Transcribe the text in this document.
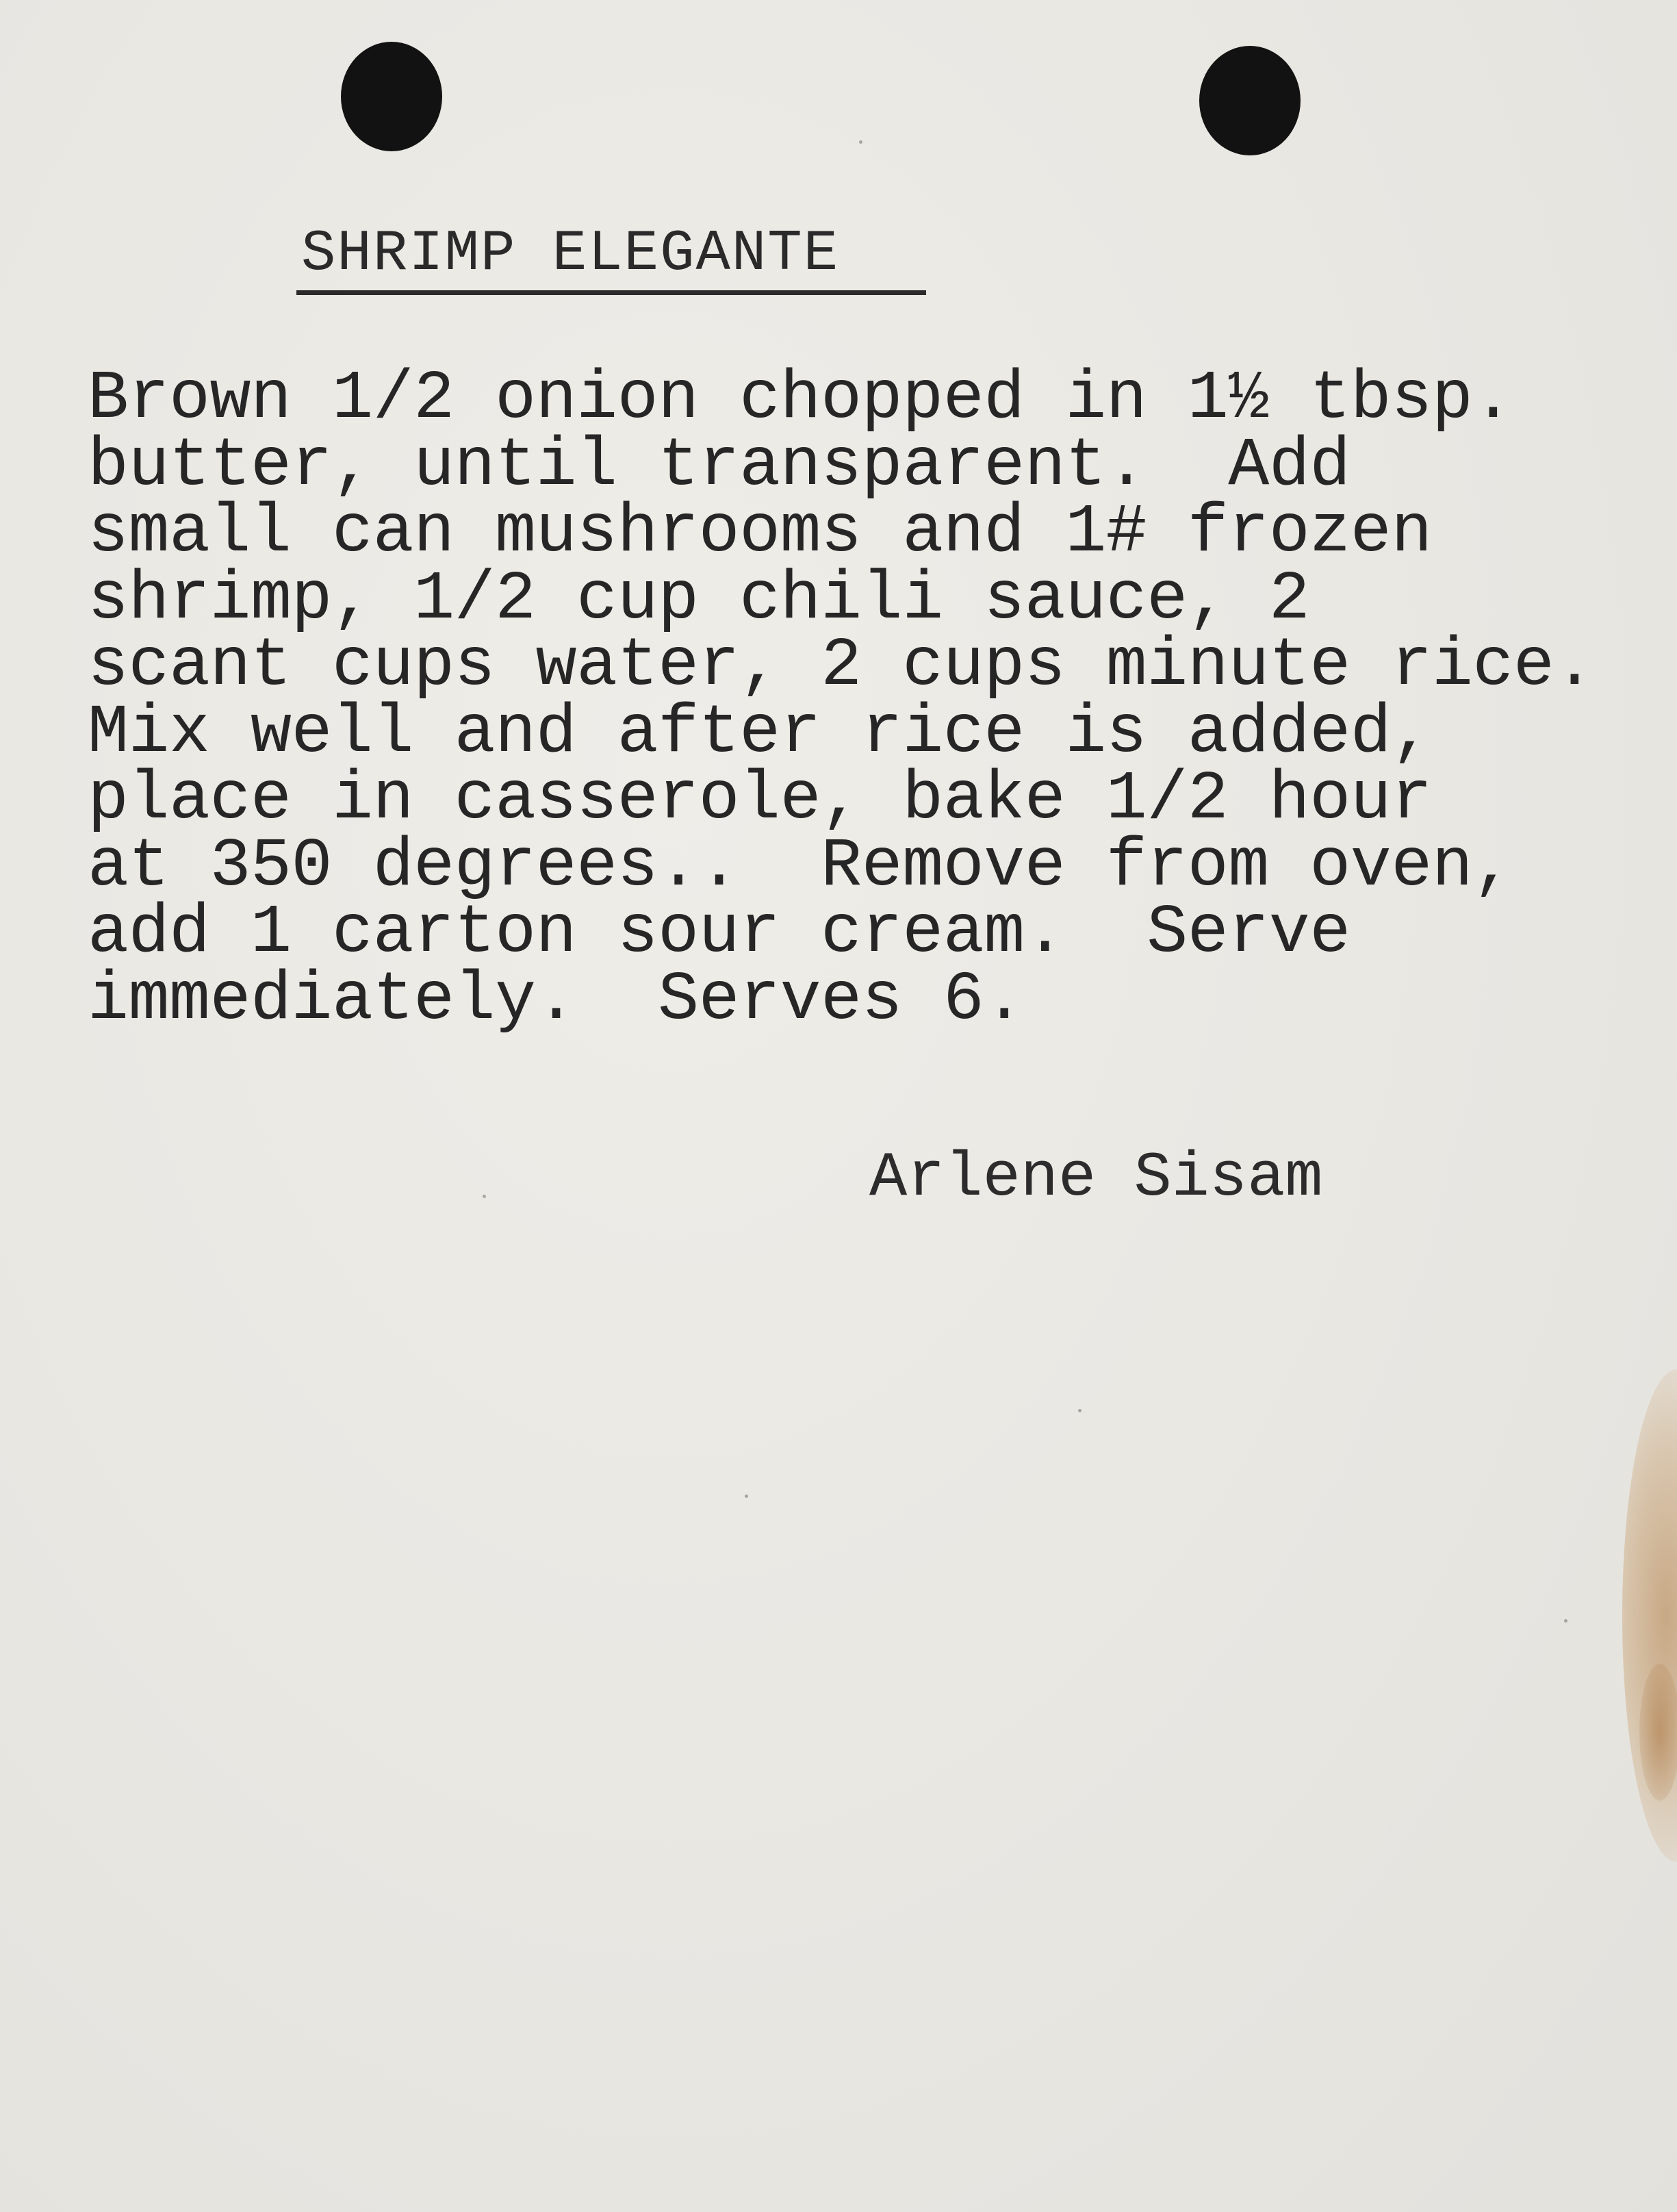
SHRIMP ELEGANTE
Brown 1/2 onion chopped in 1½ tbsp.
butter, until transparent.  Add
small can mushrooms and 1# frozen
shrimp, 1/2 cup chili sauce, 2
scant cups water, 2 cups minute rice.
Mix well and after rice is added,
place in casserole, bake 1/2 hour
at 350 degrees..  Remove from oven,
add 1 carton sour cream.  Serve
immediately.  Serves 6.
Arlene Sisam
